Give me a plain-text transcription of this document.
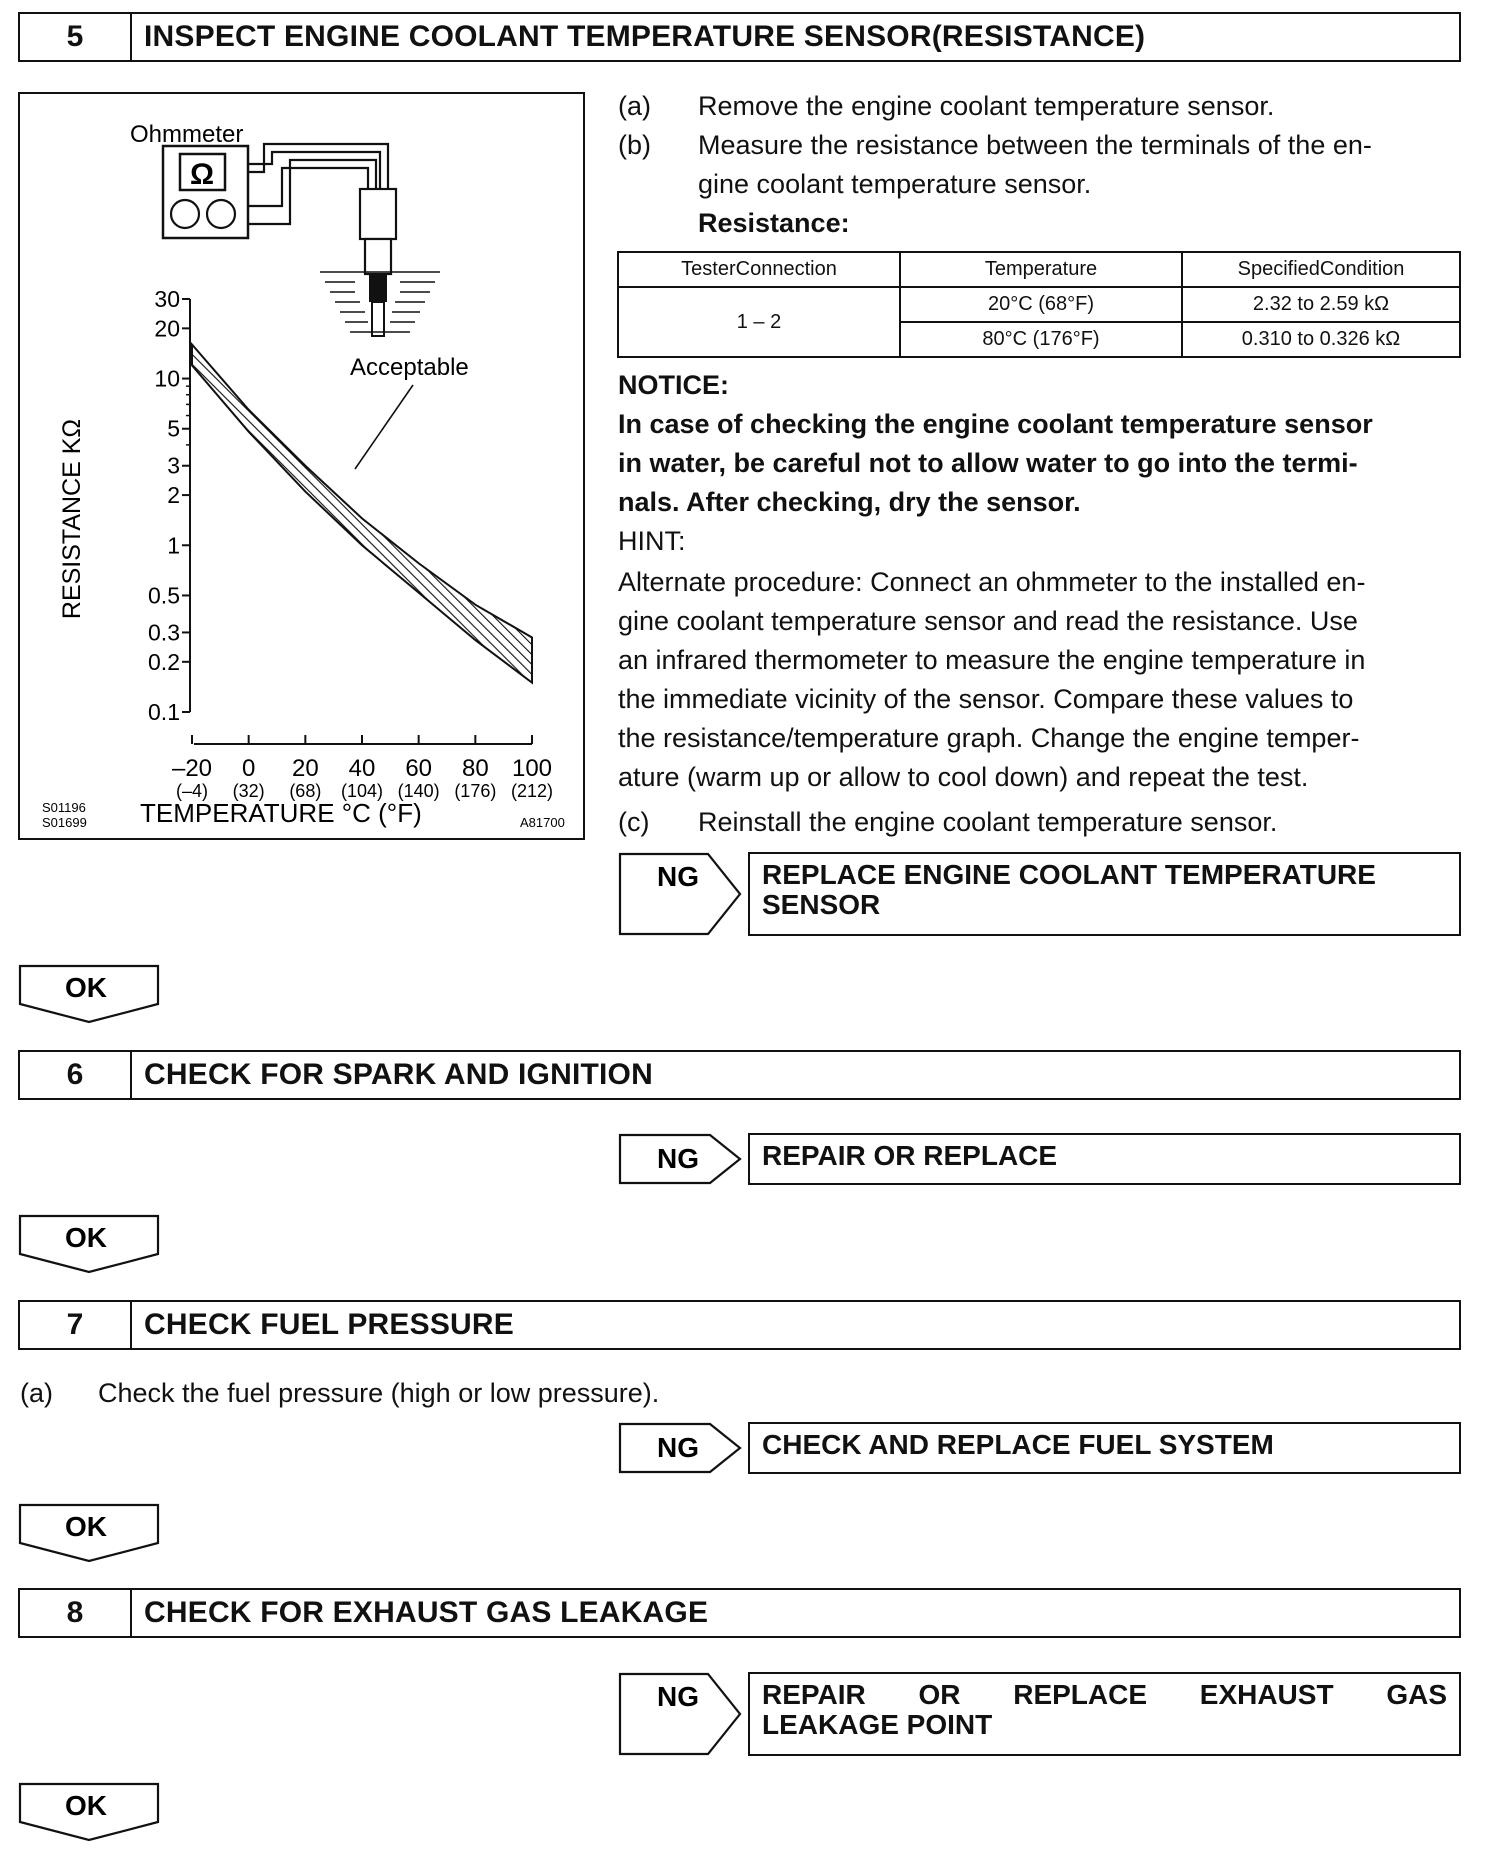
5	INSPECT ENGINE COOLANT TEMPERATURE SENSOR(RESISTANCE)
Ω
Ohmmeter
30
20
10
5
3
2
1
0.5
0.3
0.2
0.1
–20
(–4)
0
(32)
20
(68)
40
(104)
60
(140)
80
(176)
100
(212)
Acceptable
RESISTANCE KΩ
TEMPERATURE °C (°F)
S01196
S01699	A81700
(a) Remove the engine coolant temperature sensor.
(b) Measure the resistance between the terminals of the en-
gine coolant temperature sensor.
Resistance:
TesterConnection	Temperature	SpecifiedCondition
1 – 2	20°C (68°F)	2.32 to 2.59 kΩ
	80°C (176°F)	0.310 to 0.326 kΩ
NOTICE:
In case of checking the engine coolant temperature sensor
in water, be careful not to allow water to go into the termi-
nals. After checking, dry the sensor.
HINT:
Alternate procedure: Connect an ohmmeter to the installed en-
gine coolant temperature sensor and read the resistance. Use
an infrared thermometer to measure the engine temperature in
the immediate vicinity of the sensor. Compare these values to
the resistance/temperature graph. Change the engine temper-
ature (warm up or allow to cool down) and repeat the test.
(c) Reinstall the engine coolant temperature sensor.
NG REPLACE ENGINE COOLANT TEMPERATURE
SENSOR
OK
6	CHECK FOR SPARK AND IGNITION
NG REPAIR OR REPLACE
OK
7	CHECK FUEL PRESSURE
(a) Check the fuel pressure (high or low pressure).
NG CHECK AND REPLACE FUEL SYSTEM
OK
8	CHECK FOR EXHAUST GAS LEAKAGE
NG REPAIR OR REPLACE EXHAUST GAS
LEAKAGE POINT
OK
